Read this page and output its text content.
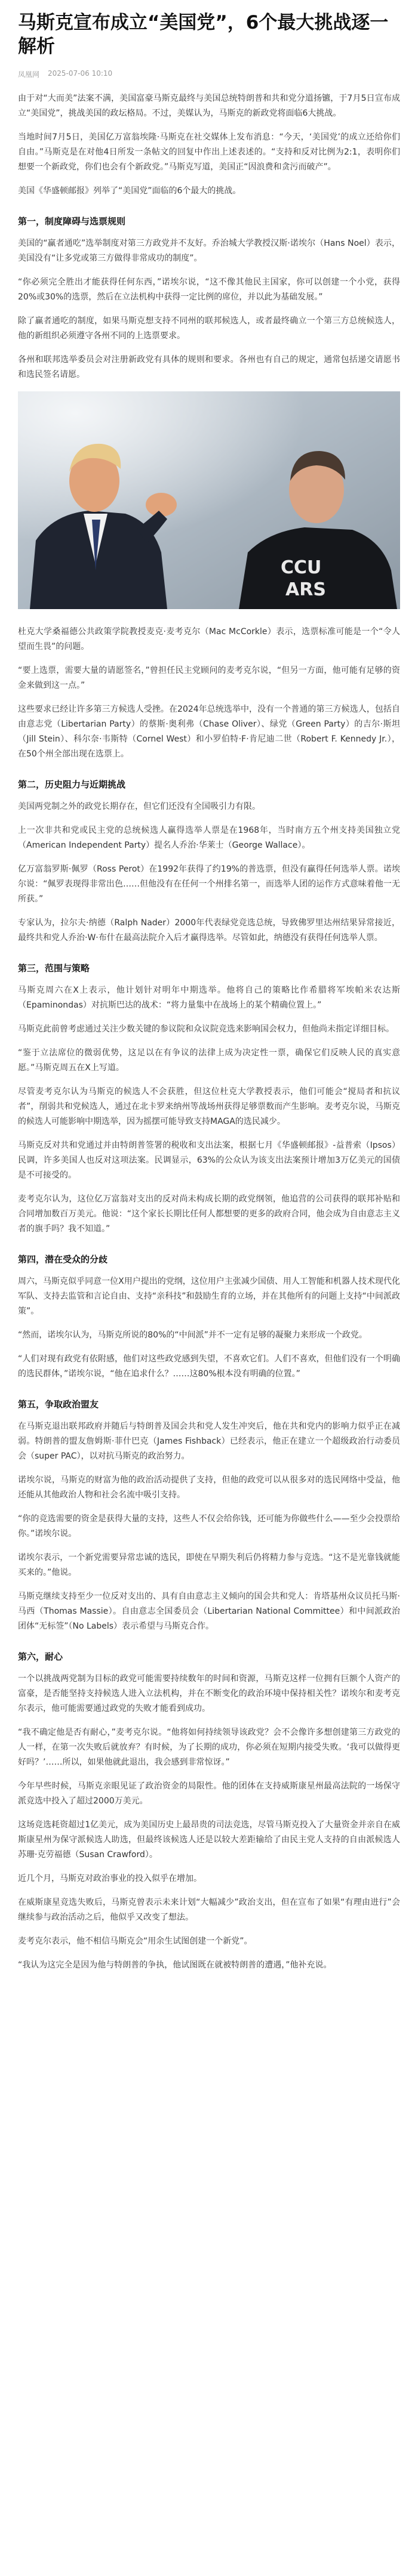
马斯克宣布成立“美国党”，6个最大挑战逐一解析
凤凰网 2025-07-06 10:10

由于对“大而美”法案不满，美国富豪马斯克最终与美国总统特朗普和共和党分道扬镳，于7月5日宣布成立“美国党”，挑战美国的政坛格局。不过，美媒认为，马斯克的新政党将面临6大挑战。

当地时间7月5日，美国亿万富翁埃隆·马斯克在社交媒体上发布消息：“今天，‘美国党’的成立还给你们自由。”马斯克是在对他4日所发一条帖文的回复中作出上述表述的。“支持和反对比例为2:1，表明你们想要一个新政党，你们也会有个新政党。”马斯克写道，美国正“因浪费和贪污而破产”。

美国《华盛顿邮报》列举了“美国党”面临的6个最大的挑战。

第一，制度障碍与选票规则

美国的“赢者通吃”选举制度对第三方政党并不友好。乔治城大学教授汉斯·诺埃尔（Hans Noel）表示，美国没有“让多党或第三方做得非常成功的制度”。

“你必须完全胜出才能获得任何东西，”诺埃尔说，“这不像其他民主国家，你可以创建一个小党，获得20%或30%的选票，然后在立法机构中获得一定比例的席位，并以此为基础发展。”

除了赢者通吃的制度，如果马斯克想支持不同州的联邦候选人，或者最终确立一个第三方总统候选人，他的新组织必须遵守各州不同的上选票要求。

各州和联邦选举委员会对注册新政党有具体的规则和要求。各州也有自己的规定，通常包括递交请愿书和选民签名请愿。

CCU
ARS

杜克大学桑福德公共政策学院教授麦克·麦考克尔（Mac McCorkle）表示，选票标准可能是一个“令人望而生畏”的问题。

“要上选票，需要大量的请愿签名，”曾担任民主党顾问的麦考克尔说，“但另一方面，他可能有足够的资金来做到这一点。”

这些要求已经让许多第三方候选人受挫。在2024年总统选举中，没有一个普通的第三方候选人，包括自由意志党（Libertarian Party）的蔡斯·奥利弗（Chase Oliver）、绿党（Green Party）的吉尔·斯坦（Jill Stein）、科尔奈·韦斯特（Cornel West）和小罗伯特·F·肯尼迪二世（Robert F. Kennedy Jr.），在50个州全部出现在选票上。

第二，历史阻力与近期挑战

美国两党制之外的政党长期存在，但它们还没有全国吸引力有限。

上一次非共和党或民主党的总统候选人赢得选举人票是在1968年，当时南方五个州支持美国独立党（American Independent Party）提名人乔治·华莱士（George Wallace）。

亿万富翁罗斯·佩罗（Ross Perot）在1992年获得了约19%的普选票，但没有赢得任何选举人票。诺埃尔说：“佩罗表现得非常出色……但他没有在任何一个州排名第一，而选举人团的运作方式意味着他一无所获。”

专家认为，拉尔夫·纳德（Ralph Nader）2000年代表绿党竞选总统，导致佛罗里达州结果异常接近，最终共和党人乔治·W·布什在最高法院介入后才赢得选举。尽管如此，纳德没有获得任何选举人票。

第三，范围与策略

马斯克周六在X上表示，他计划针对明年中期选举。他将自己的策略比作希腊将军埃帕米农达斯（Epaminondas）对抗斯巴达的战术：“将力量集中在战场上的某个精确位置上。”

马斯克此前曾考虑通过关注少数关键的参议院和众议院竞选来影响国会权力，但他尚未指定详细目标。

“鉴于立法席位的微弱优势，这足以在有争议的法律上成为决定性一票，确保它们反映人民的真实意愿。”马斯克周五在X上写道。

尽管麦考克尔认为马斯克的候选人不会获胜，但这位杜克大学教授表示，他们可能会“搅局者和抗议者”，削弱共和党候选人，通过在北卡罗来纳州等战场州获得足够票数而产生影响。麦考克尔说，马斯克的候选人可能影响中期选举，因为摇摆可能导致支持MAGA的选民减少。

马斯克反对共和党通过并由特朗普签署的税收和支出法案，根据七月《华盛顿邮报》-益普索（Ipsos）民调，许多美国人也反对这项法案。民调显示，63%的公众认为该支出法案预计增加3万亿美元的国债是不可接受的。

麦考克尔认为，这位亿万富翁对支出的反对尚未构成长期的政党纲领，他追营的公司获得的联邦补贴和合同增加数百万美元。他说：“这个家长长期比任何人都想要的更多的政府合同，他会成为自由意志主义者的旗手吗？我不知道。”

第四，潜在受众的分歧

周六，马斯克似乎同意一位X用户提出的党纲，这位用户主张减少国债、用人工智能和机器人技术现代化军队、支持去监管和言论自由、支持“亲科技”和鼓励生育的立场，并在其他所有的问题上支持“中间派政策”。

“然而，诺埃尔认为，马斯克所说的80%的“中间派”并不一定有足够的凝聚力来形成一个政党。

“人们对现有政党有依附感，他们对这些政党感到失望，不喜欢它们。人们不喜欢，但他们没有一个明确的选民群体，”诺埃尔说，“他在追求什么？……这80%根本没有明确的位置。”

第五，争取政治盟友

在马斯克退出联邦政府并随后与特朗普及国会共和党人发生冲突后，他在共和党内的影响力似乎正在减弱。特朗普的盟友詹姆斯·菲什巴克（James Fishback）已经表示，他正在建立一个超级政治行动委员会（super PAC），以对抗马斯克的政治努力。

诺埃尔说，马斯克的财富为他的政治活动提供了支持，但他的政党可以从很多对的选民网络中受益，他还能从其他政治人物和社会名流中吸引支持。

“你的竞选需要的资金是获得大量的支持，这些人不仅会给你钱，还可能为你做些什么——至少会投票给你。”诺埃尔说。

诺埃尔表示，一个新党需要异常忠诚的选民，即使在早期失利后仍将精力参与竞选。“这不是光靠钱就能买来的。”他说。

马斯克继续支持至少一位反对支出的、具有自由意志主义倾向的国会共和党人：肯塔基州众议员托马斯·马西（Thomas Massie）。自由意志全国委员会（Libertarian National Committee）和中间派政治团体“无标签”（No Labels）表示希望与马斯克合作。

第六，耐心

一个以挑战两党制为目标的政党可能需要持续数年的时间和资源，马斯克这样一位拥有巨额个人资产的富豪，是否能坚持支持候选人进入立法机构，并在不断变化的政治环境中保持相关性？诺埃尔和麦考克尔表示，他可能需要通过政党的失败才能看到成功。

“我不确定他是否有耐心，”麦考克尔说。“他将如何持续领导该政党？会不会像许多想创建第三方政党的人一样，在第一次失败后就放弃？有时候，为了长期的成功，你必须在短期内接受失败。‘我可以做得更好吗？’……所以，如果他就此退出，我会感到非常惊讶。”

今年早些时候，马斯克亲眼见证了政治资金的局限性。他的团体在支持威斯康星州最高法院的一场保守派竞选中投入了超过2000万美元。

这场竞选耗资超过1亿美元，成为美国历史上最昂贵的司法竞选，尽管马斯克投入了大量资金并亲自在威斯康星州为保守派候选人助选，但最终该候选人还是以较大差距输给了由民主党人支持的自由派候选人苏珊·克劳福德（Susan Crawford）。

近几个月，马斯克对政治事业的投入似乎在增加。

在威斯康星竞选失败后，马斯克曾表示未来计划“大幅减少”政治支出，但在宣布了如果“有理由进行”会继续参与政治活动之后，他似乎又改变了想法。

麦考克尔表示，他不相信马斯克会“用余生试图创建一个新党”。

“我认为这完全是因为他与特朗普的争执，他试图既在就被特朗普的遭遇，”他补充说。
